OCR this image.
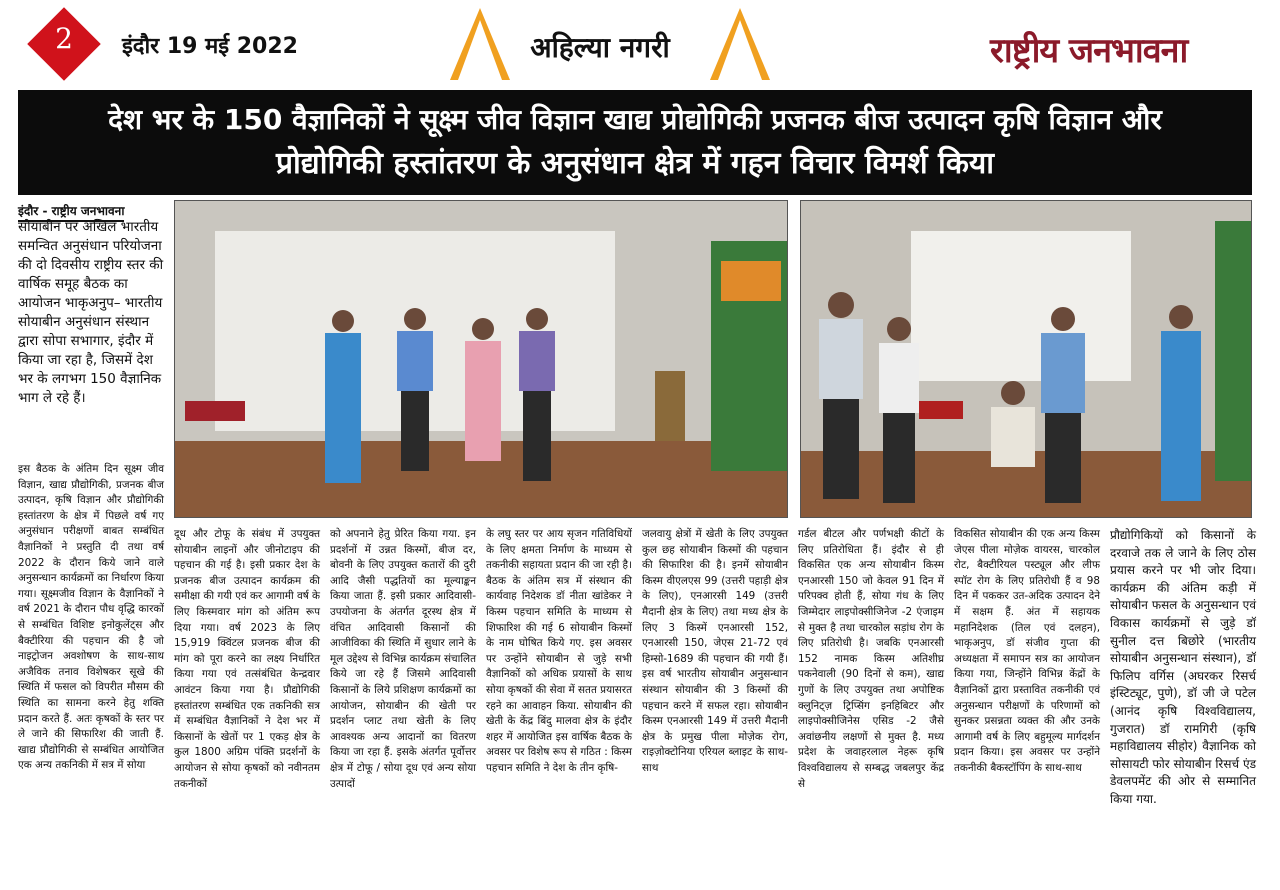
2	इंदौर 19 मई 2022	अहिल्या नगरी	राष्ट्रीय जनभावना
देश भर के 150 वैज्ञानिकों ने सूक्ष्म जीव विज्ञान खाद्य प्रोद्योगिकी प्रजनक बीज उत्पादन कृषि विज्ञान और
प्रोद्योगिकी हस्तांतरण के अनुसंधान क्षेत्र में गहन विचार विमर्श किया
इंदौर - राष्ट्रीय जनभावना
सोयाबीन पर अखिल भारतीय समन्वित अनुसंधान परियोजना की दो दिवसीय राष्ट्रीय स्तर की वार्षिक समूह बैठक का आयोजन भाकृअनुप– भारतीय सोयाबीन अनुसंधान संस्थान द्वारा सोपा सभागार, इंदौर में किया जा रहा है, जिसमें देश भर के लगभग 150 वैज्ञानिक भाग ले रहे हैं।
इस बैठक के अंतिम दिन सूक्ष्म जीव विज्ञान, खाद्य प्रौद्योगिकी, प्रजनक बीज उत्पादन, कृषि विज्ञान और प्रौद्योगिकी हस्तांतरण के क्षेत्र में पिछले वर्ष गए अनुसंधान परीक्षणों बाबत सम्बंधित वैज्ञानिकों ने प्रस्तुति दी तथा वर्ष 2022 के दौरान किये जाने वाले अनुसन्धान कार्यक्रमों का निर्धारण किया गया। सूक्ष्मजीव विज्ञान के वैज्ञानिकों ने वर्ष 2021 के दौरान पौध वृद्धि कारकों से सम्बंधित विशिष्ट इनोकुलेंट्स और बैक्टीरिया की पहचान की है जो नाइट्रोजन अवशोषण के साथ-साथ अजैविक तनाव विशेषकर सूखे की स्थिति में फसल को विपरीत मौसम की स्थिति का सामना करने हेतु शक्ति प्रदान करते हैं. अतः कृषकों के स्तर पर ले जाने की सिफारिश की जाती हैं. खाद्य प्रौद्योगिकी से सम्बंधित आयोजित एक अन्य तकनिकी में सत्र में सोया
दूध और टोफू के संबंध में उपयुक्त सोयाबीन लाइनों और जीनोटाइप की पहचान की गई है। इसी प्रकार देश के प्रजनक बीज उत्पादन कार्यक्रम की समीक्षा की गयी एवं कर आगामी वर्ष के लिए किस्मवार मांग को अंतिम रूप दिया गया। वर्ष 2023 के लिए 15,919 क्विंटल प्रजनक बीज की मांग को पूरा करने का लक्ष्य निर्धारित किया गया एवं तत्संबंधित केन्द्रवार आवंटन किया गया है। प्रौद्योगिकी हस्तांतरण सम्बंधित एक तकनिकी सत्र में सम्बंधित वैज्ञानिकों ने देश भर में किसानों के खेतों पर 1 एकड़ क्षेत्र के कुल 1800 अग्रिम पंक्ति प्रदर्शनों के आयोजन से सोया कृषकों को नवीनतम तकनीकों
को अपनाने हेतु प्रेरित किया गया. इन प्रदर्शनों में उन्नत किस्मों, बीज दर, बोवनी के लिए उपयुक्त कतारों की दुरी आदि जैसी पद्धतियों का मूल्याङ्कन किया जाता हैं. इसी प्रकार आदिवासी-उपयोजना के अंतर्गत दूरस्थ क्षेत्र में वंचित आदिवासी किसानों की आजीविका की स्थिति में सुधार लाने के मूल उद्देश्य से विभिन्न कार्यक्रम संचालित किये जा रहे हैं जिसमे आदिवासी किसानों के लिये प्रशिक्षण कार्यक्रमों का आयोजन, सोयाबीन की खेती पर प्रदर्शन प्लाट तथा खेती के लिए आवश्यक अन्य आदानों का वितरण किया जा रहा हैं. इसके अंतर्गत पूर्वोत्तर क्षेत्र में टोफू / सोया दूध एवं अन्य सोया उत्पादों
के लघु स्तर पर आय सृजन गतिविधियों के लिए क्षमता निर्माण के माध्यम से तकनीकी सहायता प्रदान की जा रही है। बैठक के अंतिम सत्र में संस्थान की कार्यवाह निदेशक डॉ नीता खांडेकर ने किस्म पहचान समिति के माध्यम से शिफारिश की गई 6 सोयाबीन किस्मों के नाम घोषित किये गए. इस अवसर पर उन्होंने सोयाबीन से जुड़े सभी वैज्ञानिकों को अधिक प्रयासों के साथ सोया कृषकों की सेवा में सतत प्रयासरत रहने का आवाहन किया. सोयाबीन की खेती के केंद्र बिंदु मालवा क्षेत्र के इंदौर शहर में आयोजित इस वार्षिक बैठक के अवसर पर विशेष रूप से गठित : किस्म पहचान समिति ने देश के तीन कृषि-
जलवायु क्षेत्रों में खेती के लिए उपयुक्त कुल छह सोयाबीन किस्मों की पहचान की सिफारिश की है। इनमें सोयाबीन किस्म वीएलएस 99 (उत्तरी पहाड़ी क्षेत्र के लिए), एनआरसी 149 (उत्तरी मैदानी क्षेत्र के लिए) तथा मध्य क्षेत्र के लिए 3 किस्में एनआरसी 152, एनआरसी 150, जेएस 21-72 एवं हिम्सो-1689 की पहचान की गयी हैं। इस वर्ष भारतीय सोयाबीन अनुसन्धान संस्थान सोयाबीन की 3 किस्मों की पहचान करने में सफल रहा। सोयाबीन किस्म एनआरसी 149 में उत्तरी मैदानी क्षेत्र के प्रमुख पीला मोज़ेक रोग, राइज़ोक्टोनिया एरियल ब्लाइट के साथ-साथ
गर्डल बीटल और पर्णभक्षी कीटों के लिए प्रतिरोधिता हैं। इंदौर से ही विकसित एक अन्य सोयाबीन किस्म एनआरसी 150 जो केवल 91 दिन में परिपक्व होती हैं, सोया गंध के लिए जिम्मेदार लाइपोक्सीजिनेज -2 एंजाइम से मुक्त है तथा चारकोल सड़ांध रोग के लिए प्रतिरोधी है। जबकि एनआरसी 152 नामक किस्म अतिशीघ्र पकनेवाली (90 दिनों से कम), खाद्य गुणों के लिए उपयुक्त तथा अपोष्टिक क्लुनिट्ज़ ट्रिप्सिंग इनहिबिटर और लाइपोक्सीजिनेस एसिड -2 जैसे अवांछनीय लक्षणों से मुक्त है. मध्य प्रदेश के जवाहरलाल नेहरू कृषि विश्वविद्यालय से सम्बद्ध जबलपुर केंद्र से
विकसित सोयाबीन की एक अन्य किस्म जेएस पीला मोज़ेक वायरस, चारकोल रोट, बैक्टीरियल पस्ट्यूल और लीफ स्पॉट रोग के लिए प्रतिरोधी हैं व 98 दिन में पककर उत-अदिक उत्पादन देने में सक्षम हैं. अंत में सहायक महानिदेशक (तिल एवं दलहन), भाकृअनुप, डॉ संजीव गुप्ता की अध्यक्षता में समापन सत्र का आयोजन किया गया, जिन्होंने विभिन्न केंद्रों के वैज्ञानिकों द्वारा प्रस्तावित तकनीकी एवं अनुसन्धान परीक्षणों के परिणामों को सुनकर प्रसन्नता व्यक्त की और उनके आगामी वर्ष के लिए बहुमूल्य मार्गदर्शन प्रदान किया। इस अवसर पर उन्होंने तकनीकी बैकस्टॉपिंग के साथ-साथ
प्रौद्योगिकियों को किसानों के दरवाजे तक ले जाने के लिए ठोस प्रयास करने पर भी जोर दिया। कार्यक्रम की अंतिम कड़ी में सोयाबीन फसल के अनुसन्धान एवं विकास कार्यक्रमों से जुड़े डॉ सुनील दत्त बिछोरे (भारतीय सोयाबीन अनुसन्धान संस्थान), डॉ फिलिप वर्गिस (अघरकर रिसर्च इंस्टिट्यूट, पुणे), डॉ जी जे पटेल (आनंद कृषि विश्वविद्यालय, गुजरात) डॉ रामगिरी (कृषि महाविद्यालय सीहोर) वैज्ञानिक को सोसायटी फोर सोयाबीन रिसर्च एंड डेवलपमेंट की ओर से सम्मानित किया गया.
